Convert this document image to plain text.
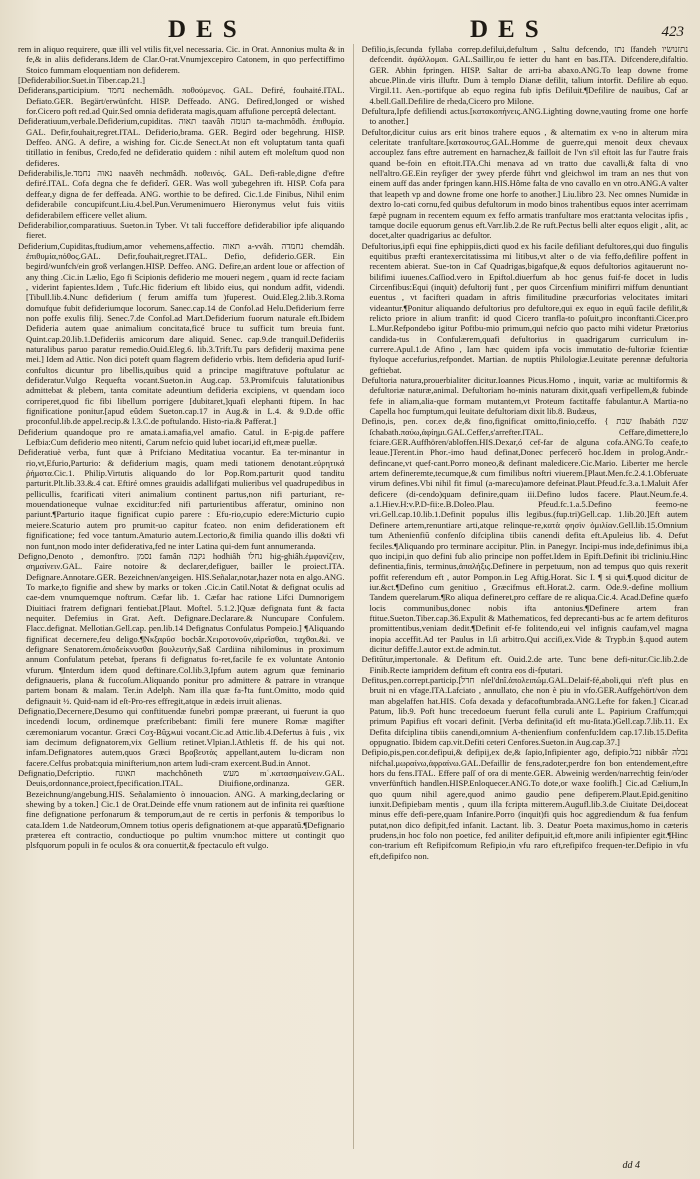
DES	DES	423

rem in aliquo requirere, quæ illi vel vtilis fit,vel necessaria. Cic. in Orat. Annonius multa & in fe,& in aliis defiderans.Idem de Clar.O-rat.Vnumjexcepiro Catonem, in quo perfectiffimo Stoico fummam eloquentiam non defiderem.

[Defiderabilior.Suet.in Tiber.cap.21.]

Defiderans,participium. נחמד nechemâdh. ποθούμενος. GAL. Defiré, fouhaité.ITAL. Defiato.GER. Begärt/erwünfcht. HISP. Deffeado. ANG. Defired,longed or wished for.Cicero poft red.ad Quir.Sed omnia defiderata magis,quam affuſione perceptâ delectant.

Defideratiuum,verbale.Defiderium,cupiditas. תאוה taavâh תנומה ta-machmôdh. ἐπιθυμία. GAL. Defir,fouhait,regret.ITAL. Defiderio,brama. GER. Begird oder begehrung. HISP. Deffeo. ANG. A defire, a wishing for. Cic.de Senect.At non eft voluptatum tanta quafi titillatio in fenibus, Credo,fed ne defideratio quidem : nihil autem eft moleſtum quod non defideres.

Defiderabilis,le.נאוה נחמד naavêh nechmâdh. ποθεινός. GAL. Defi-rable,digne d'eftre defiré.ITAL. Cofa degna che fe defiderî. GER. Was woll ʒubegehren ift. HISP. Cofa para deffear,y digna de fer deffeada. ANG. worthie to be defired. Cic.1.de Finibus, Nihil enim defiderabile concupifcunt.Liu.4.bel.Pun.Verumenimuero Hieronymus velut fuis vitiis defiderabilem efficere vellet alium.

Defiderabilior,comparatiuus. Sueton.in Tyber. Vt tali fucceffore defiderabilior ipfe aliquando fieret.

Defiderium,Cupiditas,ftudium,amor vehemens,affectio. תאוה a-vvâh. נחמדה chemdâh. ἐπιθυμία,πόθος.GAL. Defir,fouhait,regret.ITAL. Defio, defiderio.GER. Ein begird/wunfch/ein groß verlangen.HISP. Deffeo. ANG. Defire,an ardent loue or affection of any thing .Cic.in Lælio, Ego fi Scipionis defiderio me moueri negem , quam id recte faciam , viderint fapientes.Idem , Tufc.Hic fiderium eft libido eius, qui nondum adfit, videndi. [Tibull.lib.4.Nunc defiderium ( ferum amiffa tum )fuperest. Ouid.Eleg.2.lib.3.Roma domufque fubit defideriumque locorum. Sanec.cap.14 de Confol.ad Helu.Defiderium ferre non poffe exulis filij. Senec.7.de Confol.ad Mart.Defiderium fuorum naturale eft.Ibidem Defideria autem quae animalium concitata,ficé bruce tu sufficit tum breuia funt. Quint.cap.20.lib.1.Defideriis amicorum dare aliquid. Senec. cap.9.de tranquil.Defideriis naturalibus paruo paratur remedio.Ouid.Eleg.6. lib.3.Trift.Tu pars defiderij maxima pene mei.] Idem ad Attic. Non dici poteft quam flagrem defiderio vrbis. Item defideria apud Iurif-confultos dicuntur pro libellis,quibus quid a principe magiftratuve poftulatur ac defideratur.Vulgo Requefta vocant.Sueton.in Aug.cap. 53.Promifcuis falutationibus admittebat & plebem, tanta comitate adeuntium defideria excipiens, vt quendam ioco corriperet,quod fic fibi libellum porrigere [dubitaret,]quafi elephanti ftipem. In hac fignificatione ponitur.[apud eûdem Sueton.cap.17 in Aug.& in L.4. & 9.D.de offic proconful.lib.de appel.recip.& l.3.C.de poftulando. Histo-ria.& Pafferat.]

Defiderium quandoque pro re amata.i.amafia,vel amafio. Catul. in E-pig.de paffere Lefbia:Cum defiderio meo nitenti, Carum nefcio quid lubet iocari,id eft,meæ puellæ.

Defideratiuè verba, funt quæ à Prifciano Meditatiua vocantur. Ea ter-minantur in rio,vt,Efurio,Parturio: & defiderium magis, quam medi tationem denotant.εὐρητικά ῥήματα.Cic.1. Philip.Virtutis aliquando do lor Pop.Rom.parturit quod tanditu parturit.Plt.lib.33.&.4 cat. Eftiré omnes grauidis adallifgati mulieribus vel quadrupedibus in pellicullis, fcarificati viteri animalium continent partus,non nifi parturiant, re-mouendationeque vulnae exciditur:fed nifi parturientibus afferatur, ominino non pariunt.¶Parturio itaque fignificat cupio parere : Efu-rio,cupio edere:Micturio cupio meiere.Scaturio autem pro prumit-uo capitur fcateo. non enim defiderationem eft fignificatione; fed voce tantum.Amaturio autem.Lectorio,& fimilia quando illis do&ti vfi non funt,non modo inter defiderativa,fed ne inter Latina qui-dem funt annumeranda.

Defigno,Denoto , demonftro. נסמן famân נקבה hodhiâh נחלו hig-ghiâh.ἐμφανίζειν, σημαίνειν.GAL. Faire notoire & declarer,defiguer, bailler le proiect.ITA. Defignare.Annotare.GER. Bezeichnen/anʒeigen. HIS.Señalar,notar,hazer nota en algo.ANG. To marke,to fignifie and shew by marks or token .Cic.in Catil.Notat & defignat oculis ad cae-dem vnumquemque noftrum. Cæfar lib. 1. Cæfar hac ratione Lifci Dumnorigem Diuitiaci fratrem defignari fentiebat.[Plaut. Moftel. 5.1.2.]Quæ defignata funt & facta nequiter. Defemius in Grat. Aeft. Defignare.Declarare.& Nuncupare Confulem. Flacc.defignat. Mellotian.Gell.cap. pen.lib.14 Defignatus Confulatus Pompeio.] ¶Aliquando fignificat decernere,feu deligo.¶Νκξαρῦσ bocbâr.Χειροτονοῦν,αἱρεῖσθαι, ταχθαι.&i. ve defignare Senatorem.ἀποδείκνυσθαι βουλευτήν,Saß Cardiina nihilominus in proximum annum Confulatum petebat, fperans fi defignatus fo-ret,facile fe ex voluntate Antonio vfurum. ¶Interdum idem quod deftinare.Col.lib.3,Ipfum autem agrum quæ feminario defignaueris, plana & fuccoſum.Aliquando ponitur pro admittere & patrare in vtranque partem bonam & malam. Ter.in Adelph. Nam illa quæ fa-ꝉta funt.Omitto, modo quid defignauit ½. Quid-nam id eſt-Pro-res effregit,atque in ædeis irruit alienas.

Defignatio,Decernere,Desumo qui conftituendæ funebri pompæ præerant, ui fuerunt ia quo incedendi locum, ordinemque præfcribebant: fimili fere munere Romæ magifter cæremoniarum vocantur. Græci Coʒ-Bûᵹʍui vocant.Cic.ad Attic.lib.4.Defertus à fuis , vix iam decimum defignatorem,vix Gellium retinet.Vlpian.l.Athletis ff. de his qui not. infam.Defignatores autem,quos Græci Βραβευτὰς appellant,autem lu-dicram non facere.Celfus probat:quia minifterium,non artem ludi-cram exercent.Bud.in Annot.

Defignatio,Defcriptio. תאונח machchôneth מעש mʿ.κατασημαίνειν.GAL. Deuis,ordonnance,proiect,fpecification.ITAL. Diuifione,ordinanza. GER. Bezeichnung/angebung.HIS. Señalamiento ò innouacion. ANG. A marking,declaring or shewing by a token.] Cic.1 de Orat.Deinde effe vnum rationem aut de infinita rei quæſtione fine defignatione perfonarum & temporum,aut de re certis in perfonis & temporibus lo cata.Idem 1.de Natdeorum,Omnem totius operis defignationem at-que apparatū.¶Defignario præterea eft contractio, conductioque po pultim vnum:hoc mittere ut contingit quo plsfquorum populi in fe oculos & ora conuertit,& fpectaculo eft vulgo.

Defilio,is,ſecunda fyllaba correp.defilui,defultum , Saltu defcendo, נתז ſfandeh נתזנושׂיו defcendit. ἀφάλλομαι. GAL.Saillir,ou fe ietter du hant en bas.ITA. Difcendere,difaltio. GER. Abhin fpringen. HISP. Saltar de arri-ba abaxo.ANG.To leap downe frome abcue.Plin.de viris illuftr. Dum à templo Dianæ defilit, talium intorfit. Defilire ab equo. Virgil.11. Aen.-portifque ab equo regina fub ipfis Defiluit.¶Defilire de nauibus, Caf ar 4.bell.Gall.Defilire de rheda,Cicero pro Milone.

Defultura,Ipfe defiliendi actus.[κατακοπήνεις.ANG.Lighting downe,vauting frome one horfe to another.]

Defultor,dicitur cuius ars erit binos trahere equos , & alternatim ex v-no in alterum mira celeritate tranfultare.[κατακουτυς.GAL.Homme de guerre,qui menoit deux chevaux accouplez fans eftre autrement en harnachez,& failloit de l'vn s'il eftoit las fur l'autre frais quand be-foin en eftoit.ITA.Chi menava ad vn tratto due cavalli,& falta di vno nell'altro.GE.Ein reyſiger der ʒwey pferde führt vnd gleichwol im tram an nes thut von einem auff das ander fpringen kann.HIS.Hôme falta de vno cavallo en vn otro.ANG.A valter that leapeth vp and downe frome one horfe to another.] Liu.libro 23. Nec omnes Numidæ in dextro lo-cati cornu,fed quibus defultorum in modo binos trahentibus equos inter acerrimam fæpè pugnam in recentem equum ex feffo armatis tranfultare mos erat:tanta velocitas ipfis , tamque docile equorum genus eft.Varr.lib.2.de Re ruft.Pectus belli alter equos eligit , alit, ac docet,alter quadrigarius ac defultor.

Defultorius,ipfi equi fine ephippiis,dicti quod ex his facile defiliant defultores,qui duo fingulis equitibus præfti erantexercitatissima mi litibus,vt alter o de via feffo,defilire poffent in recentem abierat. Sue-ton in Caf Quadrigas,bigafque,& equos defultorios agitauerunt no-bilifimi iuuenes.Caſſiod.vero in Epiftol.diuerfum ab hoc genus fuif-fe docet in ludis Circenfibus:Equi (inquit) defultorij funt , per quos Circenfium minifirri miffum denuntiant euentus , vt facifteri quadam in aftris fimilitudine præcurforias velocitates imitari videantur.¶Ponitur aliquando defultorius pro defultore,qui ex equo in equū facile defilit,& relicto priore in alium tranfit: id quod Cicero tranfla-to poſuit,pro inconftanti.Cicer.pro L.Mur.Refpondebo igitur Poftbu-mio primum,qui nefcio quo pacto mihi videtur Prætorius candida-tus in Confulærem,quafi defultorius in quadrigarum curriculum in-currere.Apul.1.de Afino , Iam hæc quidem ipfa vocis immutatio de-fultoriæ fcientiæ ftyloque accefurius,refpondet. Martian. de nuptiis Philologiæ.Leuitate perennæ defultoria geftiebat.

Defultoria natura,prouerbialiter dicitur.Ioannes Picus.Homo , inquit, variæ ac multiformis & defultoriæ naturæ,animal. Defultoriam ho-minis naturam dixit,quafi verfipellem,& fubinde fefe in aliam,alia-que formam mutantem,vt Proteum factitaffe fabulantur.A Martia-no Capella hoc fumptum,qui leuitate defultoriam dixit lib.8. Budæus,

Defino,is, pen. cor.ex de,& fino,fignificat omitto,finio,ceffo. { שבת ſhabáth שבת ſchabath.παύω,ἀφίημι.GAL.Ceffer,s'arrefter.ITAL. Ceffare,dimettere,lo fciare.GER.Auffhören/abloffen.HIS.Dexar,ó cef-far de alguna cofa.ANG.To ceafe,to leaue.]Terent.in Phor.-imo haud definat,Donec perfecerō hoc.Idem in prolog.Andr.-defincane,vt quef-cant.Porro moneo,& definant maledicere.Cic.Mario. Liberter me hercle artem defineremte,tecumque,& cum fimilibus noftri viuerem.[Plaut.Men.fc.2.4.1.Obferuate virum defines.Vbi nihil fit fimul (a-marecu)amore defeinat.Plaut.Pfeud.fc.3.a.1.Maluit Afer deficere (di-cendo)quam definire,quam iii.Defino ludos facere. Plaut.Neum.fe.4. a.1.Hiev.H:v.P.D-fii:e.B.Doleo.Plau. Pfeud.fc.1.a.5.Defino feemo-ne vri.Gell.cap.10.lib.1.Definit populus illis legibus.(fup.tri)Gell.cap. 1.lib.20.]Eft autem Definere artem,renuntiare arti,atque relinque-re,κατὰ φησὶν ὁμιλίαν.Gell.lib.15.Omnium tum Athenienfiū confenſo difciplina tibiis canendi defita eft.Apuleius lib. 4. Defut feciles.¶Aliquando pro terminare accipitur. Plin. in Panegyr. Incipi-mus inde,definimus ibi,a quo incipi,in quo defini fub alio principe non poffet.Idem in Epift.Definit ibi tricliniu.Hinc definentia,finis, terminus,ἀπαλήξις.Definere in perpetuum, non ad tempus quo quis rexerit poffit referendum eft , autor Pompon.in Leg Aftig.Horat. Sic I. ¶ si qui.¶.quod dicitur de iur.&ct.¶Defino cum genitiuo , Græcifmus eft.Horat.2. carm. Ode.9.-define mollium Tandem querelarum.¶Ro aliqua defineret,pro ceffare de re aliqua.Cic.4. Acad.Define quæfo locis communibus,donec nobis ifta antonius.¶Definere artem fran ftitue.Sueton.Tiber.cap.36.Expulit & Mathematicos, fed deprecanti-bus ac fe artem defituros promittentibus,veniam dedit.¶Definit ef-fe folitendo,eui vel infignis caufam,vel magna inopia acceffit.Ad ter Paulus in l.ſi arbitro.Qui acciſi,ex.Vide & Trypb.in §.quod autem dicitur defiffe.l.autor ext.de admin.tut.

Defitūtur,impertonale. & Defitum eft. Ouid.2.de arte. Tunc bene defi-nitur.Cic.lib.2.de Finib.Recte iampridem defitum eft contra eos di-fputari.

Defitus,pen.corrept.particip.[חדל nſel'dnî.ἀπολειπώμ.GAL.Delaif-fé,aboli,qui n'eft plus en bruit ni en vfage.ITA.Lafciato , annullato, che non è piu in vfo.GER.Auffgehört/von dem man abgelaffen hat.HIS. Cofa dexada y defacoftumbrada.ANG.Lefte for faken.] Cicar.ad Patum, lib.9. Poft hunc trecedoeum fuerunt fella curuli ante L. Papirium Craffum;qui primum Papifius eft vocari definit. [Verba definita(id eft mu-ſitata.)Gell.cap.7.lib.11. Ex Defita difciplina tibiis canendi,omnium A-thenienfium confenfu:Idem cap.17.lib.15.Defita oppugnatio. Ibidem cap.vit.Defiti ceteri Cenfores.Sueton.in Aug.cap.37.]

Defipio,pis,pen.cor.defipui,& defipij,ex de,& ſapio,Infipienter ago, defipio.נבל nibbâr נבלה nifchal.μωραίνω,ἀφραίνω.GAL.Defaillir de fens,radoter,perdre fon bon entendement,eftre hors du fens.ITAL. Effere paſſ of ora di mente.GER. Abweinig werden/narrechtig fein/oder vnverfünftich handlen.HISP.Enloquecer.ANG.To dote,or waxe foolifh.] Cic.ad Cælium,In quo quum nihil agere,quod animo gaudio pene defiperem.Plaut.Epid.genitino iunxit.Defipiebam mentis , quum illa fcripta mitterem.Augufl.lib.3.de Ciuitate Dei,doceat minus effe defi-pere,quam Infanire.Porro (inquit)fi quis hoc aggrediendum & fua fenfum putat,non dico defipit,fed infanit. Lactant. lib. 3. Deatur Poeta maximus,homo in cæteris prudens,in hoc folo non poetice, fed aniliter defipuit,id eft,more anili infipienter egit.¶Hinc con-trarium eft Refipifcomum Refipio,in vfu raro eft,refipifco frequen-ter.Defipio in vfu eft,defipifco non.

dd 4
